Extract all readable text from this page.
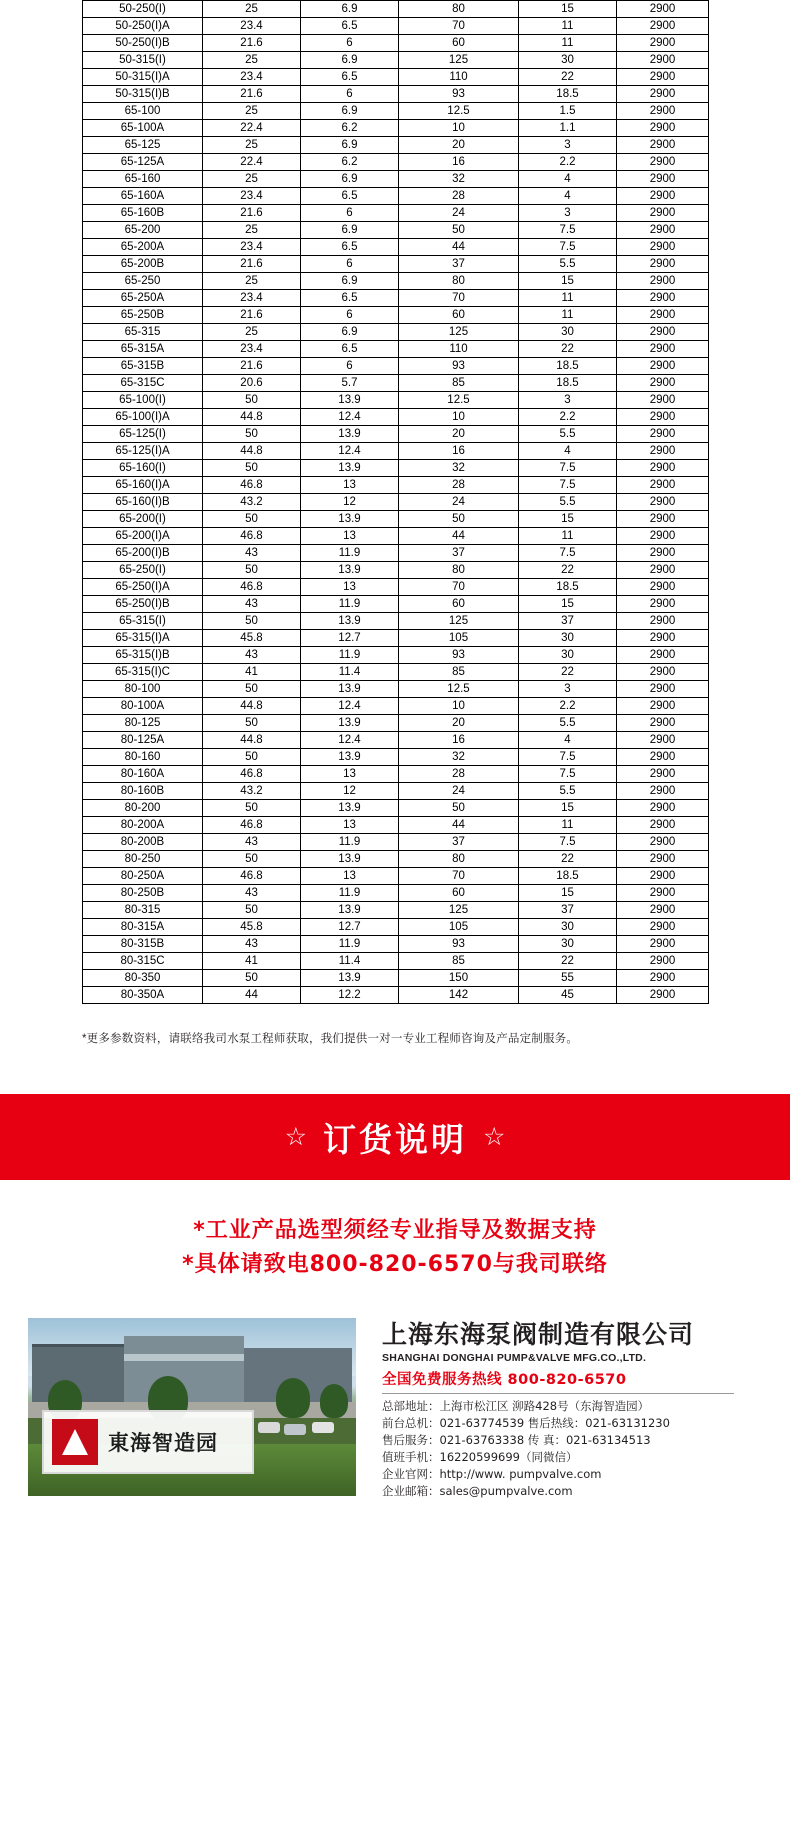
50-250(I)	25	6.9	80	15	2900
50-250(I)A	23.4	6.5	70	11	2900
50-250(I)B	21.6	6	60	11	2900
50-315(I)	25	6.9	125	30	2900
50-315(I)A	23.4	6.5	110	22	2900
50-315(I)B	21.6	6	93	18.5	2900
65-100	25	6.9	12.5	1.5	2900
65-100A	22.4	6.2	10	1.1	2900
65-125	25	6.9	20	3	2900
65-125A	22.4	6.2	16	2.2	2900
65-160	25	6.9	32	4	2900
65-160A	23.4	6.5	28	4	2900
65-160B	21.6	6	24	3	2900
65-200	25	6.9	50	7.5	2900
65-200A	23.4	6.5	44	7.5	2900
65-200B	21.6	6	37	5.5	2900
65-250	25	6.9	80	15	2900
65-250A	23.4	6.5	70	11	2900
65-250B	21.6	6	60	11	2900
65-315	25	6.9	125	30	2900
65-315A	23.4	6.5	110	22	2900
65-315B	21.6	6	93	18.5	2900
65-315C	20.6	5.7	85	18.5	2900
65-100(I)	50	13.9	12.5	3	2900
65-100(I)A	44.8	12.4	10	2.2	2900
65-125(I)	50	13.9	20	5.5	2900
65-125(I)A	44.8	12.4	16	4	2900
65-160(I)	50	13.9	32	7.5	2900
65-160(I)A	46.8	13	28	7.5	2900
65-160(I)B	43.2	12	24	5.5	2900
65-200(I)	50	13.9	50	15	2900
65-200(I)A	46.8	13	44	11	2900
65-200(I)B	43	11.9	37	7.5	2900
65-250(I)	50	13.9	80	22	2900
65-250(I)A	46.8	13	70	18.5	2900
65-250(I)B	43	11.9	60	15	2900
65-315(I)	50	13.9	125	37	2900
65-315(I)A	45.8	12.7	105	30	2900
65-315(I)B	43	11.9	93	30	2900
65-315(I)C	41	11.4	85	22	2900
80-100	50	13.9	12.5	3	2900
80-100A	44.8	12.4	10	2.2	2900
80-125	50	13.9	20	5.5	2900
80-125A	44.8	12.4	16	4	2900
80-160	50	13.9	32	7.5	2900
80-160A	46.8	13	28	7.5	2900
80-160B	43.2	12	24	5.5	2900
80-200	50	13.9	50	15	2900
80-200A	46.8	13	44	11	2900
80-200B	43	11.9	37	7.5	2900
80-250	50	13.9	80	22	2900
80-250A	46.8	13	70	18.5	2900
80-250B	43	11.9	60	15	2900
80-315	50	13.9	125	37	2900
80-315A	45.8	12.7	105	30	2900
80-315B	43	11.9	93	30	2900
80-315C	41	11.4	85	22	2900
80-350	50	13.9	150	55	2900
80-350A	44	12.2	142	45	2900
*更多参数资料，请联络我司水泵工程师获取，我们提供一对一专业工程师咨询及产品定制服务。
☆ 订货说明 ☆
*工业产品选型须经专业指导及数据支持
*具体请致电800-820-6570与我司联络
東海智造园
上海东海泵阀制造有限公司
SHANGHAI DONGHAI PUMP&VALVE MFG.CO.,LTD.
全国免费服务热线 800-820-6570
总部地址：上海市松江区 泖路428号（东海智造园）
前台总机：021-63774539 售后热线：021-63131230
售后服务：021-63763338 传 真：021-63134513
值班手机：16220599699（同微信）
企业官网：http://www. pumpvalve.com
企业邮箱：sales@pumpvalve.com
